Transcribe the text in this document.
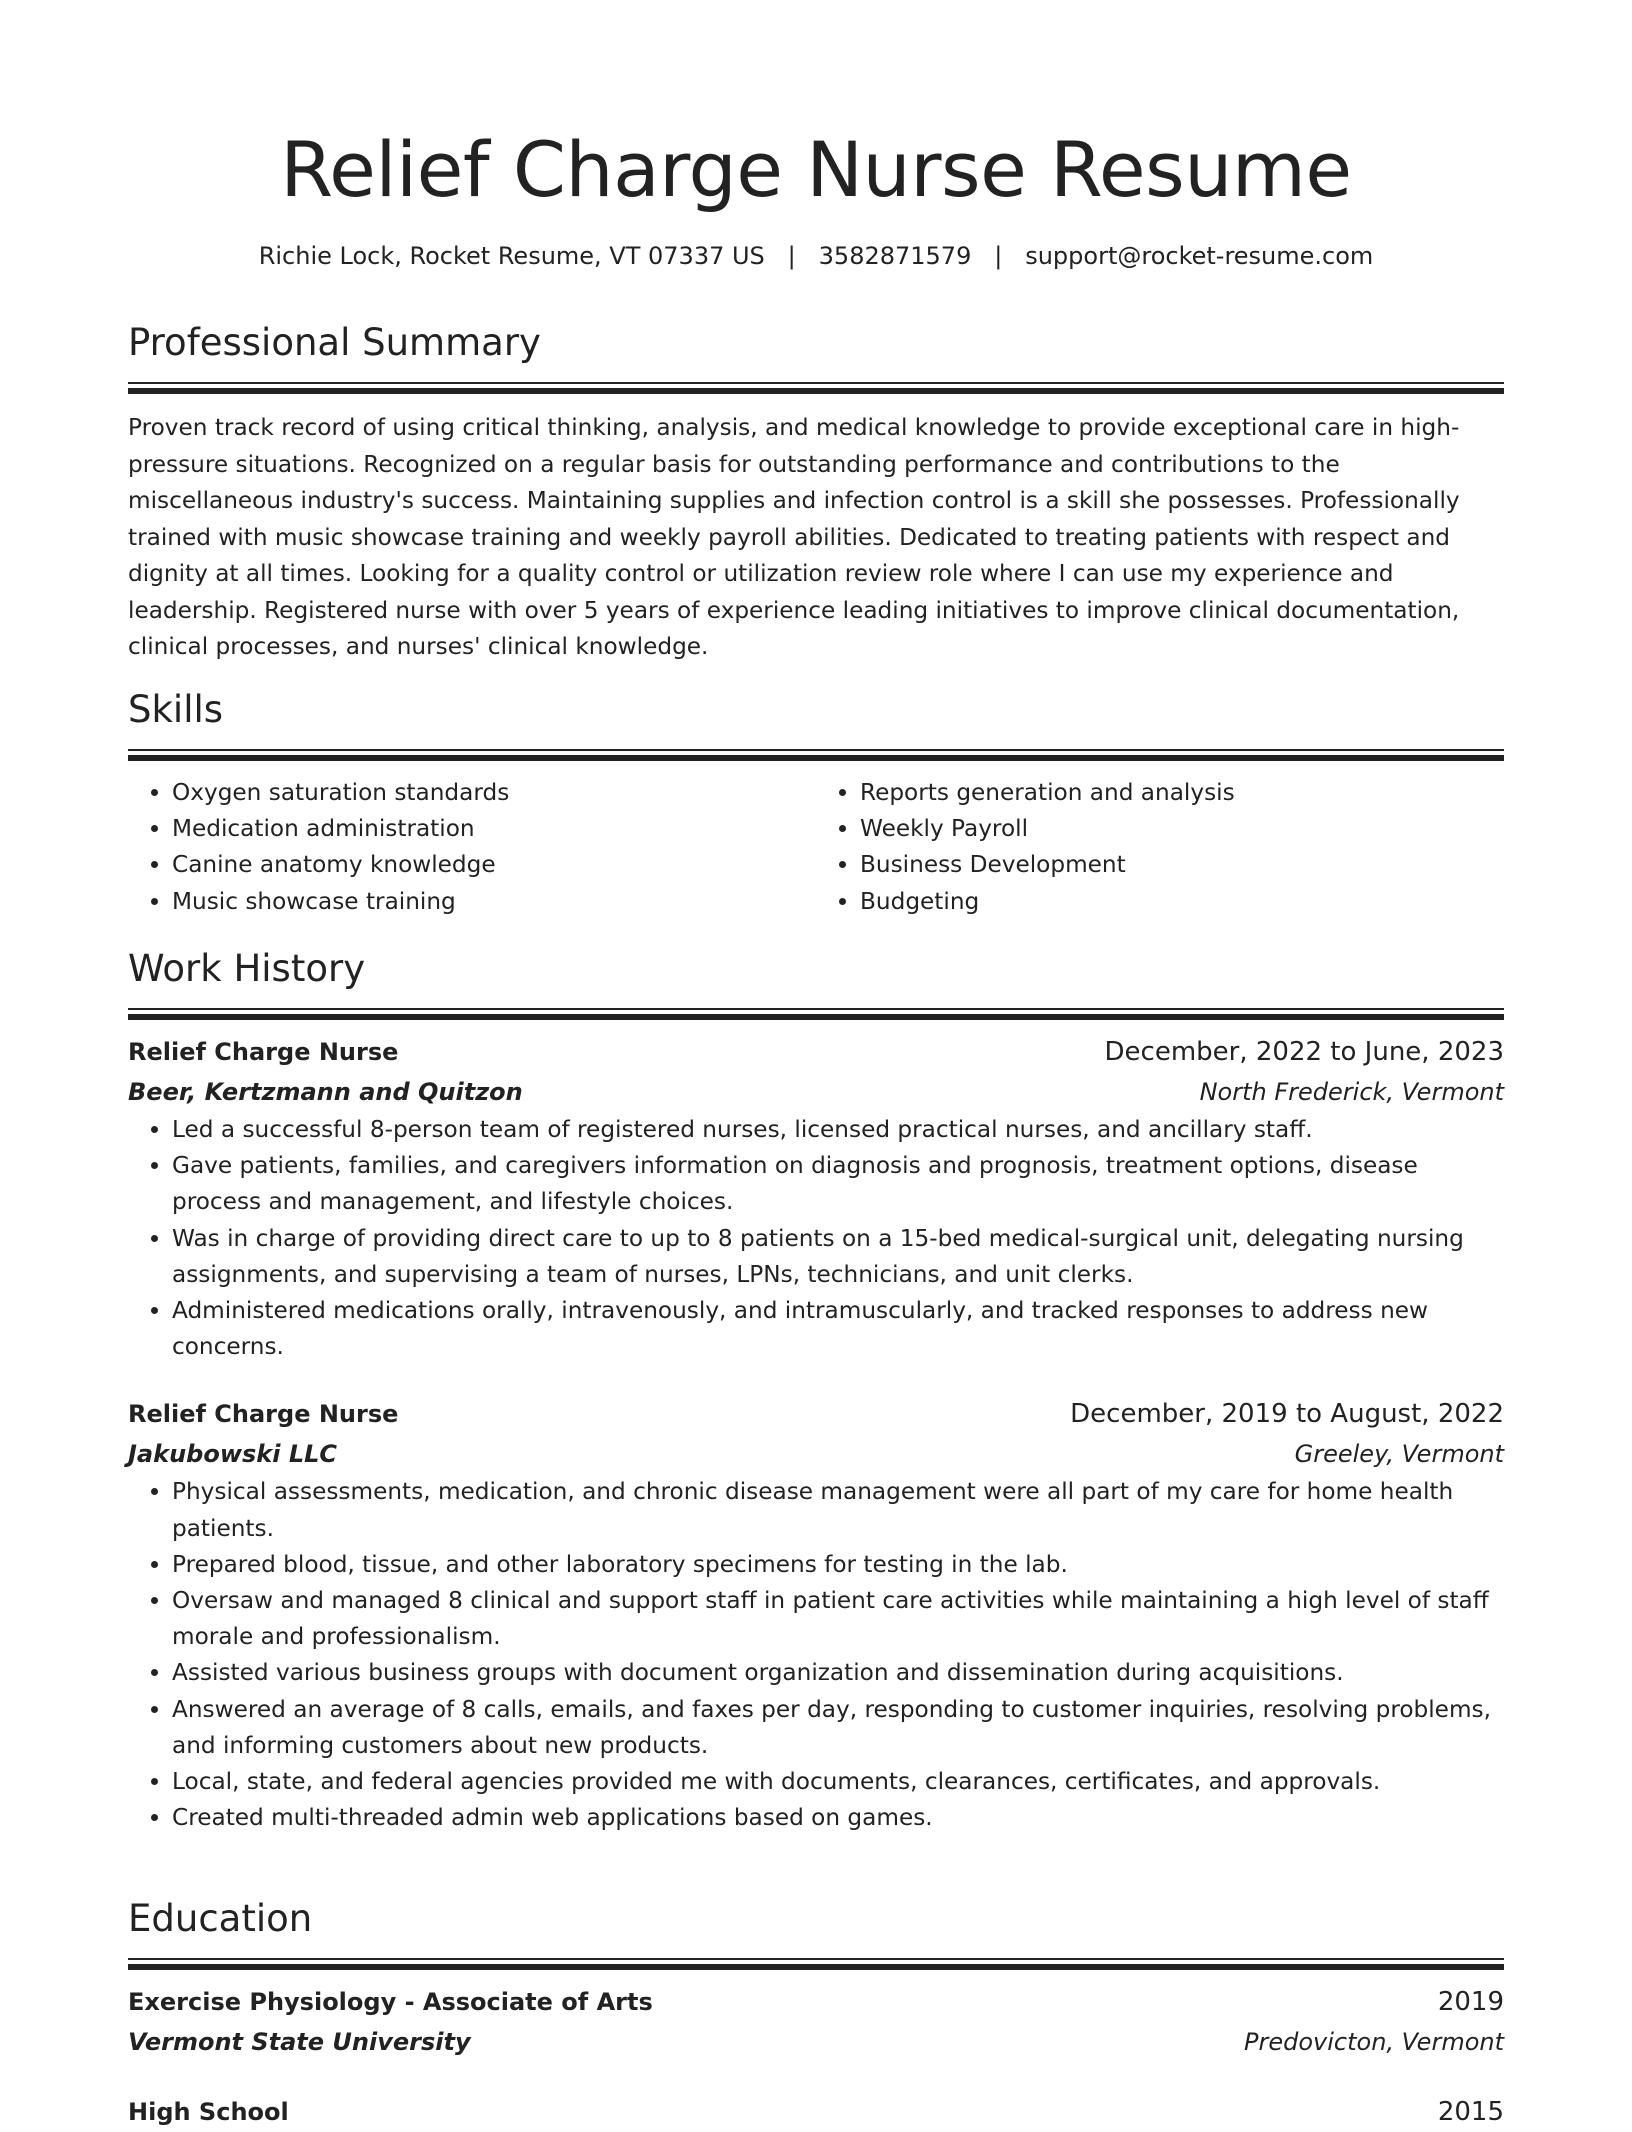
Relief Charge Nurse Resume
Richie Lock, Rocket Resume, VT 07337 US   |   3582871579   |   support@rocket-resume.com
Professional Summary
Proven track record of using critical thinking, analysis, and medical knowledge to provide exceptional care in high-pressure situations. Recognized on a regular basis for outstanding performance and contributions to the miscellaneous industry's success. Maintaining supplies and infection control is a skill she possesses. Professionally trained with music showcase training and weekly payroll abilities. Dedicated to treating patients with respect and dignity at all times. Looking for a quality control or utilization review role where I can use my experience and leadership. Registered nurse with over 5 years of experience leading initiatives to improve clinical documentation, clinical processes, and nurses' clinical knowledge.
Skills
• Oxygen saturation standards
• Medication administration
• Canine anatomy knowledge
• Music showcase training
• Reports generation and analysis
• Weekly Payroll
• Business Development
• Budgeting
Work History
Relief Charge Nurse	December, 2022 to June, 2023
Beer, Kertzmann and Quitzon	North Frederick, Vermont
• Led a successful 8-person team of registered nurses, licensed practical nurses, and ancillary staff.
• Gave patients, families, and caregivers information on diagnosis and prognosis, treatment options, disease process and management, and lifestyle choices.
• Was in charge of providing direct care to up to 8 patients on a 15-bed medical-surgical unit, delegating nursing assignments, and supervising a team of nurses, LPNs, technicians, and unit clerks.
• Administered medications orally, intravenously, and intramuscularly, and tracked responses to address new concerns.
Relief Charge Nurse	December, 2019 to August, 2022
Jakubowski LLC	Greeley, Vermont
• Physical assessments, medication, and chronic disease management were all part of my care for home health patients.
• Prepared blood, tissue, and other laboratory specimens for testing in the lab.
• Oversaw and managed 8 clinical and support staff in patient care activities while maintaining a high level of staff morale and professionalism.
• Assisted various business groups with document organization and dissemination during acquisitions.
• Answered an average of 8 calls, emails, and faxes per day, responding to customer inquiries, resolving problems, and informing customers about new products.
• Local, state, and federal agencies provided me with documents, clearances, certificates, and approvals.
• Created multi-threaded admin web applications based on games.
Education
Exercise Physiology - Associate of Arts	2019
Vermont State University	Predovicton, Vermont
High School	2015
